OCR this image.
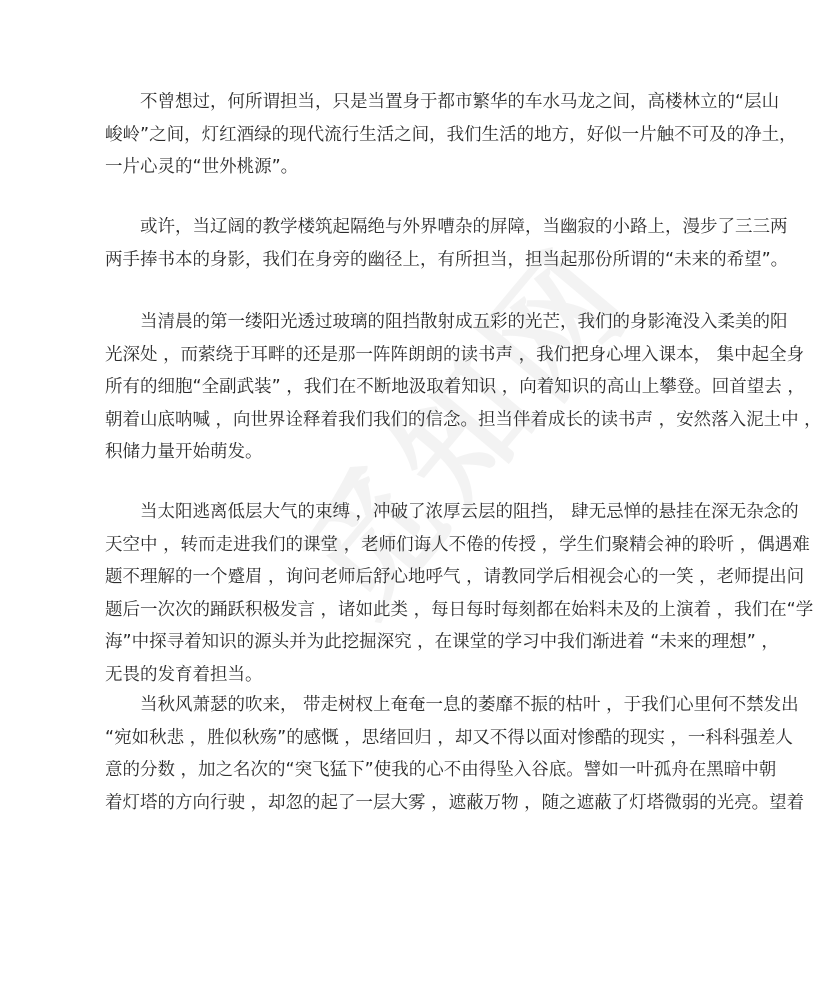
不曾想过，何所谓担当，只是当置身于都市繁华的车水马龙之间，高楼林立的“层山
峻岭”之间，灯红酒绿的现代流行生活之间，我们生活的地方，好似一片触不可及的净土，
一片心灵的“世外桃源”。
或许，当辽阔的教学楼筑起隔绝与外界嘈杂的屏障，当幽寂的小路上，漫步了三三两
两手捧书本的身影，我们在身旁的幽径上，有所担当，担当起那份所谓的“未来的希望”。
当清晨的第一缕阳光透过玻璃的阻挡散射成五彩的光芒，我们的身影淹没入柔美的阳
光深处 ，而萦绕于耳畔的还是那一阵阵朗朗的读书声 ，我们把身心埋入课本， 集中起全身
所有的细胞“全副武装” ，我们在不断地汲取着知识 ，向着知识的高山上攀登。回首望去 ，
朝着山底呐喊 ，向世界诠释着我们我们的信念。担当伴着成长的读书声 ，安然落入泥土中 ，
积储力量开始萌发。
当太阳逃离低层大气的束缚 ，冲破了浓厚云层的阻挡， 肆无忌惮的悬挂在深无杂念的
天空中 ，转而走进我们的课堂 ，老师们诲人不倦的传授 ，学生们聚精会神的聆听 ，偶遇难
题不理解的一个蹙眉 ，询问老师后舒心地呼气 ，请教同学后相视会心的一笑 ，老师提出问
题后一次次的踊跃积极发言 ，诸如此类 ，每日每时每刻都在始料未及的上演着 ，我们在“学
海”中探寻着知识的源头并为此挖掘深究 ，在课堂的学习中我们渐进着 “未来的理想” ，
无畏的发育着担当。
当秋风萧瑟的吹来， 带走树杈上奄奄一息的萎靡不振的枯叶 ，于我们心里何不禁发出
“宛如秋悲 ，胜似秋殇”的感慨 ，思绪回归 ，却又不得以面对惨酷的现实 ，一科科强差人
意的分数 ，加之名次的“突飞猛下”使我的心不由得坠入谷底。譬如一叶孤舟在黑暗中朝
着灯塔的方向行驶 ，却忽的起了一层大雾 ，遮蔽万物 ，随之遮蔽了灯塔微弱的光亮。望着
